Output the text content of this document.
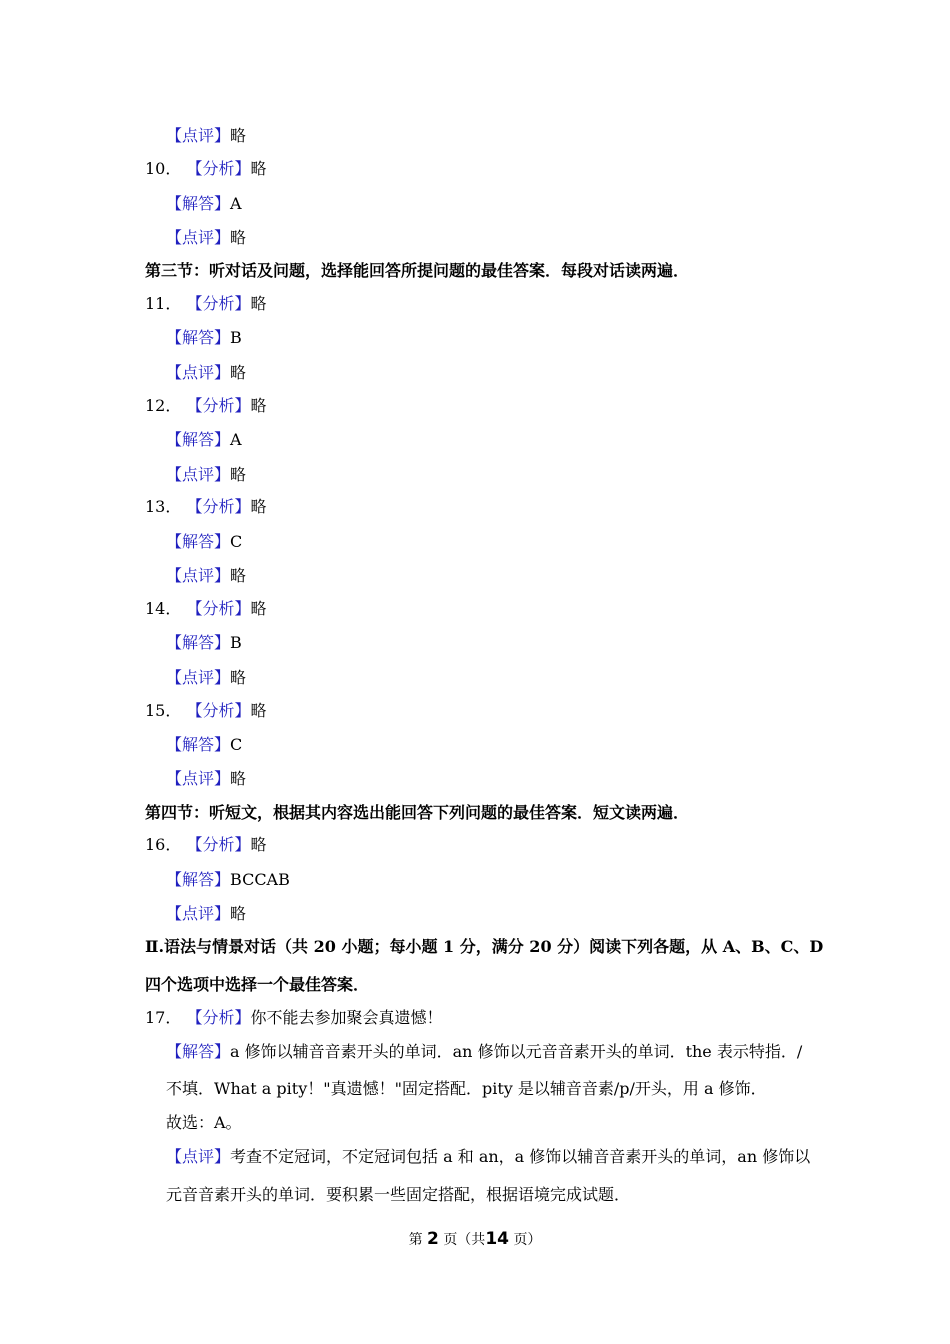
【点评】略
10． 【分析】略
【解答】A
【点评】略
第三节：听对话及问题，选择能回答所提问题的最佳答案．每段对话读两遍．
11． 【分析】略
【解答】B
【点评】略
12． 【分析】略
【解答】A
【点评】略
13． 【分析】略
【解答】C
【点评】略
14． 【分析】略
【解答】B
【点评】略
15． 【分析】略
【解答】C
【点评】略
第四节：听短文，根据其内容选出能回答下列问题的最佳答案．短文读两遍．
16． 【分析】略
【解答】BCCAB
【点评】略
Ⅱ.语法与情景对话（共 20 小题；每小题 1 分，满分 20 分）阅读下列各题，从 A、B、C、D
四个选项中选择一个最佳答案．
17． 【分析】你不能去参加聚会真遗憾！
【解答】a 修饰以辅音音素开头的单词．an 修饰以元音音素开头的单词．the 表示特指．/
不填．What a pity！"真遗憾！"固定搭配．pity 是以辅音音素/p/开头，用 a 修饰．
故选：A。
【点评】考查不定冠词，不定冠词包括 a 和 an，a 修饰以辅音音素开头的单词，an 修饰以
元音音素开头的单词．要积累一些固定搭配，根据语境完成试题．
第 2 页（共14 页）
